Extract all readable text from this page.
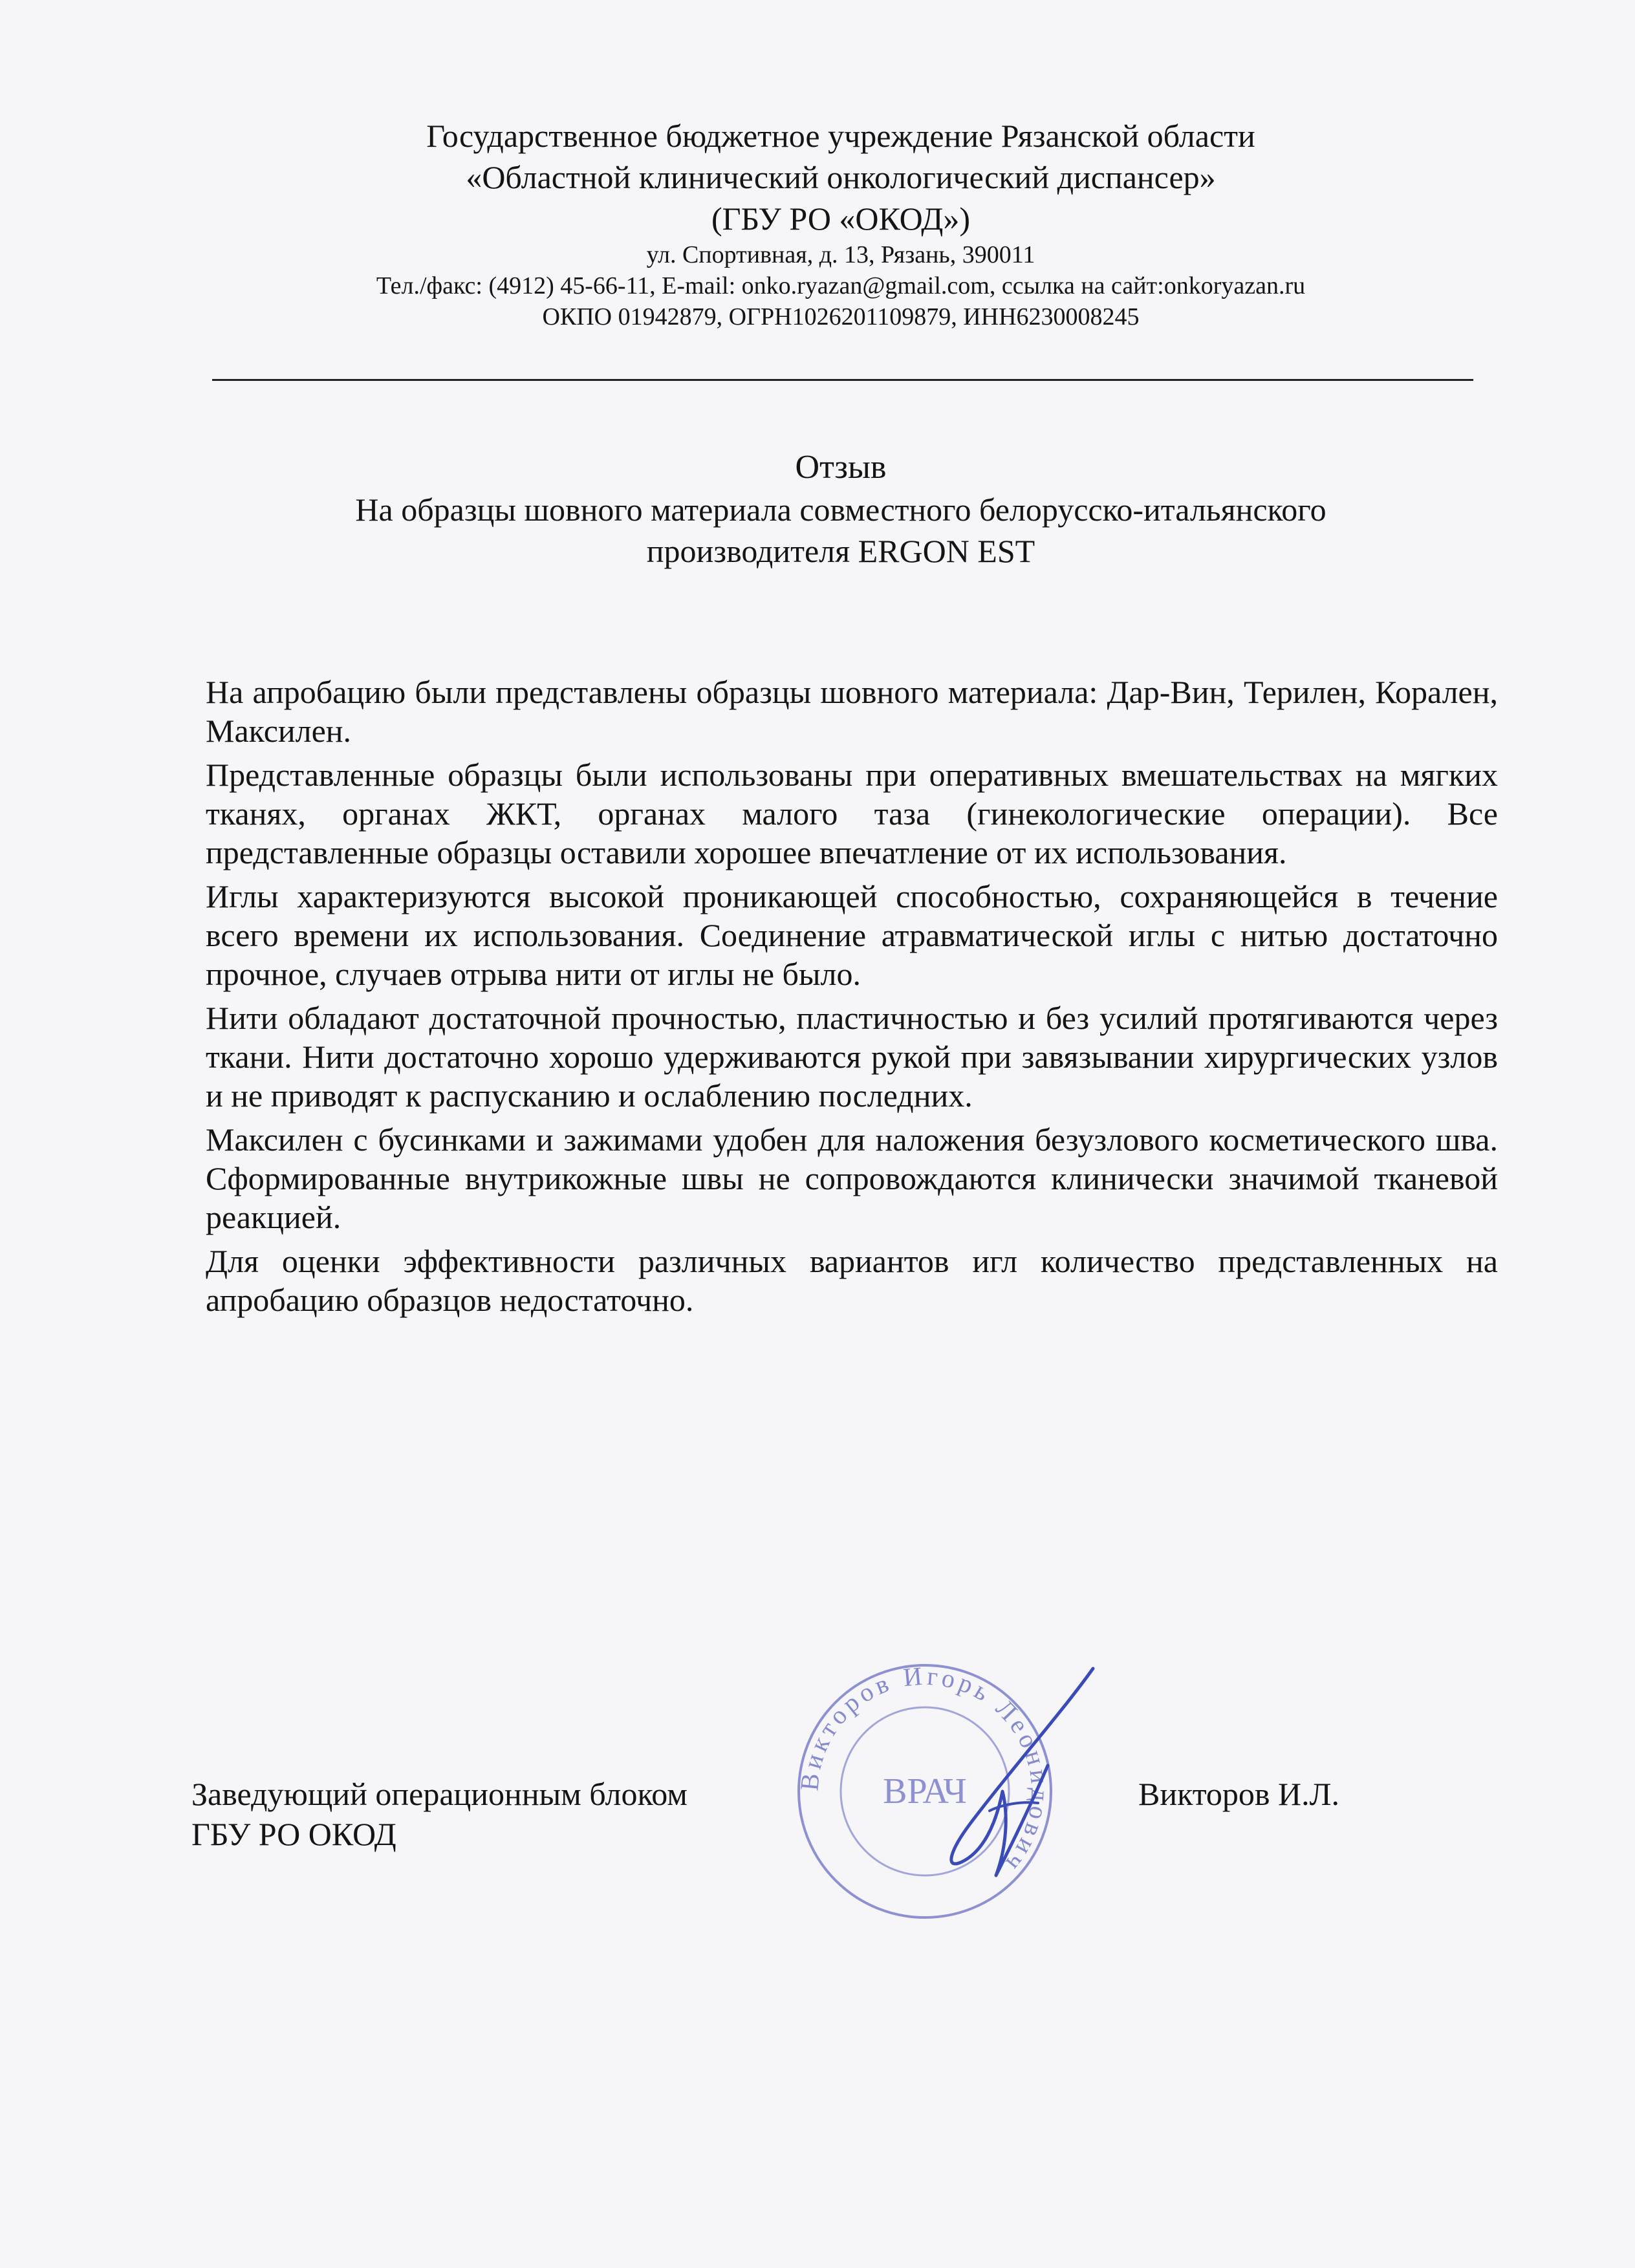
Государственное бюджетное учреждение Рязанской области
«Областной клинический онкологический диспансер»
(ГБУ РО «ОКОД»)
ул. Спортивная, д. 13, Рязань, 390011
Тел./факс: (4912) 45-66-11, E-mail: onko.ryazan@gmail.com, ссылка на сайт:onkoryazan.ru
ОКПО 01942879, ОГРН1026201109879, ИНН6230008245
Отзыв
На образцы шовного материала совместного белорусско-итальянского
производителя ERGON EST

На апробацию были представлены образцы шовного материала: Дар-Вин, Терилен, Корален, Максилен.

Представленные образцы были использованы при оперативных вмешательствах на мягких тканях, органах ЖКТ, органах малого таза (гинекологические операции). Все представленные образцы оставили хорошее впечатление от их использования.

Иглы характеризуются высокой проникающей способностью, сохраняющейся в течение всего времени их использования. Соединение атравматической иглы с нитью достаточно прочное, случаев отрыва нити от иглы не было.

Нити обладают достаточной прочностью, пластичностью и без усилий протягиваются через ткани. Нити достаточно хорошо удерживаются рукой при завязывании хирургических узлов и не приводят к распусканию и ослаблению последних.

Максилен с бусинками и зажимами удобен для наложения безузлового косметического шва. Сформированные внутрикожные швы не сопровождаются клинически значимой тканевой реакцией.

Для оценки эффективности различных вариантов игл количество представленных на апробацию образцов недостаточно.

Заведующий операционным блоком
ГБУ РО ОКОД
Викторов И.Л.
Викторов Игорь Леонидович
ВРАЧ
